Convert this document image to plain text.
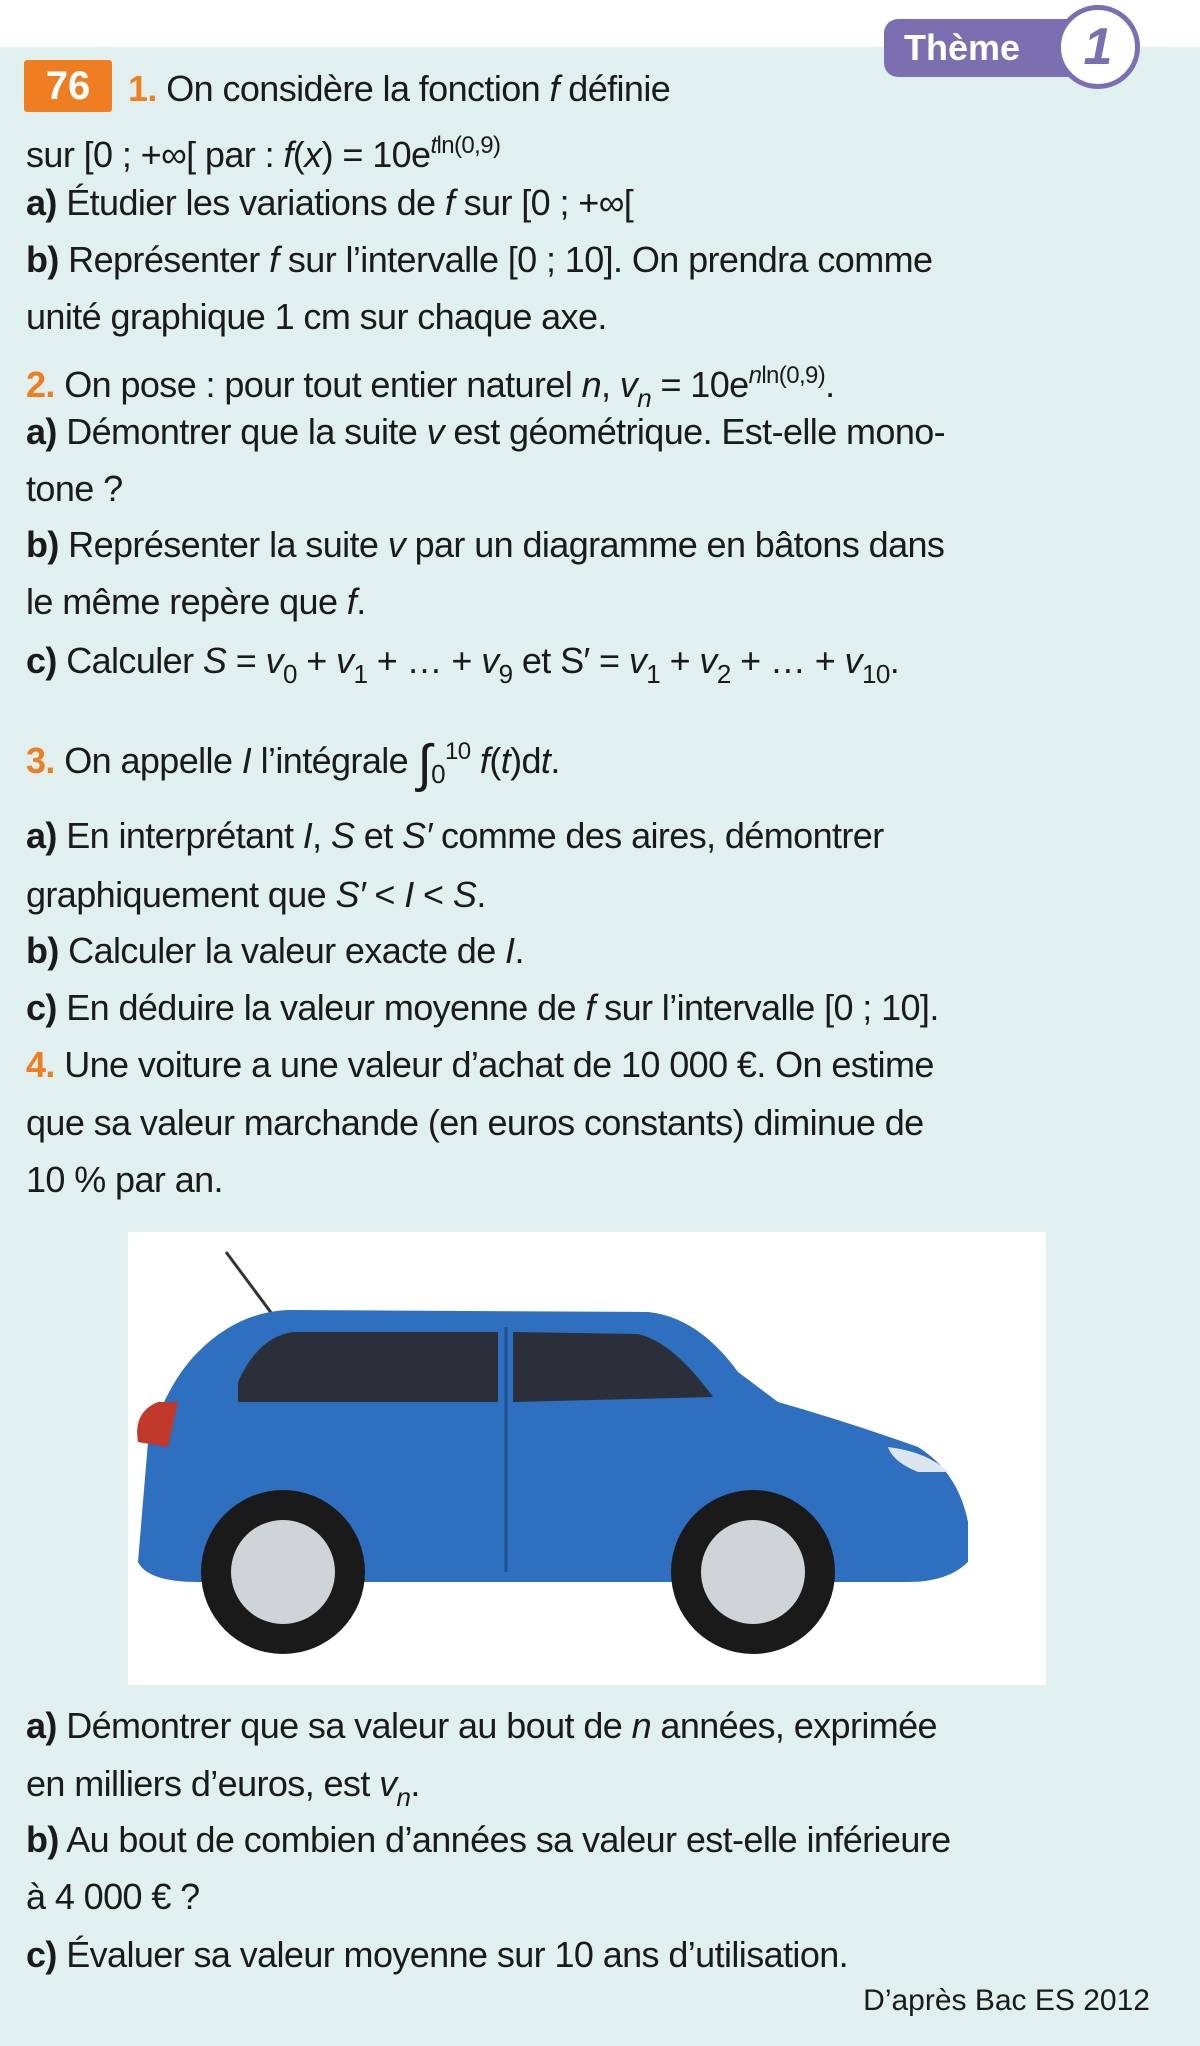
76
Thème	1
1. On considère la fonction f définie
sur [0 ; +∞[ par : $f(x) = 10e^{tln(0,9)}$
a) Étudier les variations de f sur [0 ; +∞[
b) Représenter f sur l’intervalle [0 ; 10]. On prendra comme
unité graphique 1 cm sur chaque axe.
2. On pose : pour tout entier naturel n, $v_n = 10e^{nln(0,9)}$.
a) Démontrer que la suite v est géométrique. Est-elle mono-
tone ?
b) Représenter la suite v par un diagramme en bâtons dans
le même repère que f.
c) Calculer $S = v_0 + v_1$ + … + $v_9$ et $S' = v_1 + v_2$ + … + $v_{10}$.
3. On appelle I l’intégrale $\int_0^{10}$ f(t)dt.
a) En interprétant I, S et S′ comme des aires, démontrer
graphiquement que S′ < I < S.
b) Calculer la valeur exacte de I.
c) En déduire la valeur moyenne de f sur l’intervalle [0 ; 10].
4. Une voiture a une valeur d’achat de 10 000 €. On estime
que sa valeur marchande (en euros constants) diminue de
10 % par an.
a) Démontrer que sa valeur au bout de n années, exprimée
en milliers d’euros, est $v_n$.
b) Au bout de combien d’années sa valeur est-elle inférieure
à 4 000 € ?
c) Évaluer sa valeur moyenne sur 10 ans d’utilisation.
D’après Bac ES 2012
